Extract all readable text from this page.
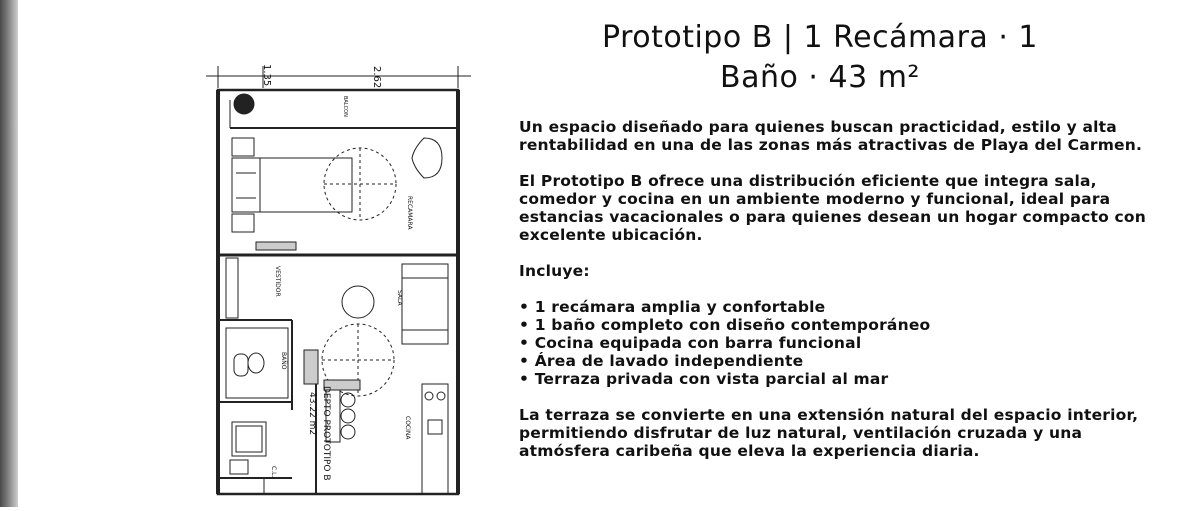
1.35	2.62
BALCON
RECAMARA
VESTIDOR
SALA
BAÑO
COCINA
C.L.	DEPTO PROTOTIPO B
43.22 m2
Prototipo B | 1 Recámara · 1
Baño · 43 m²

Un espacio diseñado para quienes buscan practicidad, estilo y alta rentabilidad en una de las zonas más atractivas de Playa del Carmen.

El Prototipo B ofrece una distribución eficiente que integra sala, comedor y cocina en un ambiente moderno y funcional, ideal para estancias vacacionales o para quienes desean un hogar compacto con excelente ubicación.

Incluye:

• 1 recámara amplia y confortable
• 1 baño completo con diseño contemporáneo
• Cocina equipada con barra funcional
• Área de lavado independiente
• Terraza privada con vista parcial al mar

La terraza se convierte en una extensión natural del espacio interior, permitiendo disfrutar de luz natural, ventilación cruzada y una atmósfera caribeña que eleva la experiencia diaria.
